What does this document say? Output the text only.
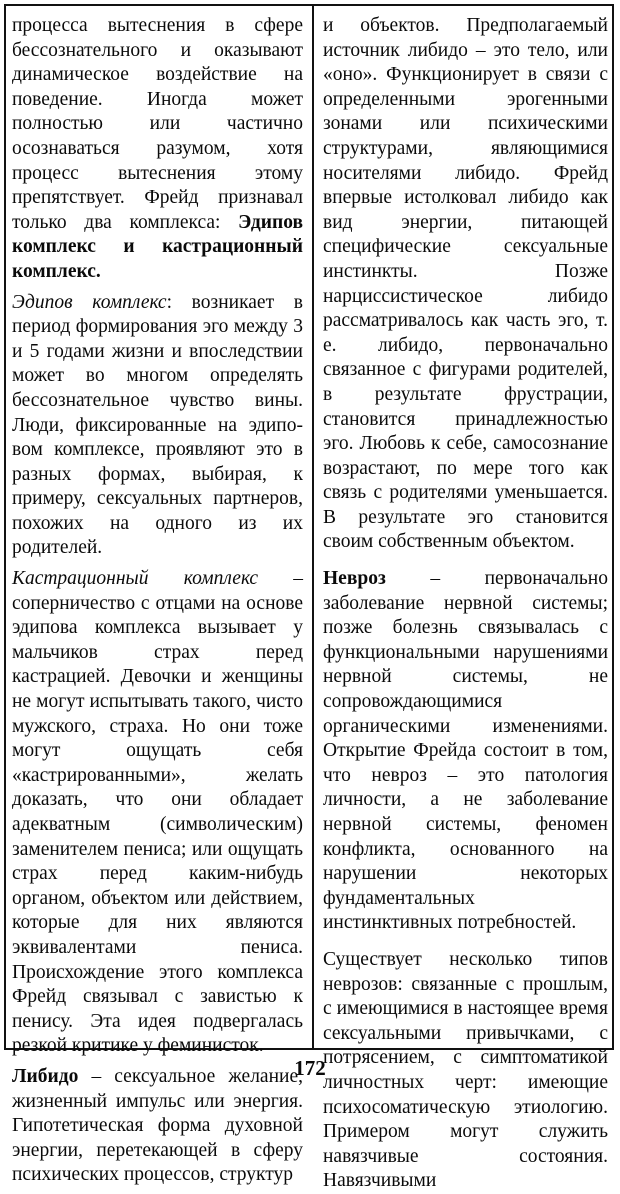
процесса вытеснения в сфере бессознательного и оказывают динамическое воздействие на поведение. Иногда может полностью или частично осознаваться разумом, хотя процесс вытеснения этому препятствует. Фрейд признавал только два комплекса: Эдипов комплекс и кастрационный комплекс.

Эдипов комплекс: возникает в период формирования эго между 3 и 5 годами жизни и впоследствии может во многом определять бессознательное чувство вины. Люди, фиксированные на эдиповом комплексе, проявляют это в разных формах, выбирая, к примеру, сексуальных партнеров, похожих на одного из их родителей.

Кастрационный комплекс – соперничество с отцами на основе эдипова комплекса вызывает у мальчиков страх перед кастрацией. Девочки и женщины не могут испытывать такого, чисто мужского, страха. Но они тоже могут ощущать себя «кастрированными», желать доказать, что они обладает адекватным (символическим) заменителем пениса; или ощущать страх перед каким-нибудь органом, объектом или действием, которые для них являются эквивалентами пениса. Происхождение этого комплекса Фрейд связывал с завистью к пенису. Эта идея подвергалась резкой критике у феминисток.

Либидо – сексуальное желание, жизненный импульс или энергия. Гипотетическая форма духовной энергии, перетекающей в сферу психических процессов, структур

и объектов. Предполагаемый источник либидо – это тело, или «оно». Функционирует в связи с определенными эрогенными зонами или психическими структурами, являющимися носителями либидо. Фрейд впервые истолковал либидо как вид энергии, питающей специфические сексуальные инстинкты. Позже нарциссистическое либидо рассматривалось как часть эго, т. е. либидо, первоначально связанное с фигурами родителей, в результате фрустрации, становится принадлежностью эго. Любовь к себе, самосознание возрастают, по мере того как связь с родителями уменьшается. В результате эго становится своим собственным объектом.

Невроз – первоначально заболевание нервной системы; позже болезнь связывалась с функциональными нарушениями нервной системы, не сопровождающимися органическими изменениями. Открытие Фрейда состоит в том, что невроз – это патология личности, а не заболевание нервной системы, феномен конфликта, основанного на нарушении некоторых фундаментальных инстинктивных потребностей.

Существует несколько типов неврозов: связанные с прошлым, с имеющимися в настоящее время сексуальными привычками, с потрясением, с симптоматикой личностных черт: имеющие психосоматическую этиологию. Примером могут служить навязчивые состояния. Навязчивыми

172
